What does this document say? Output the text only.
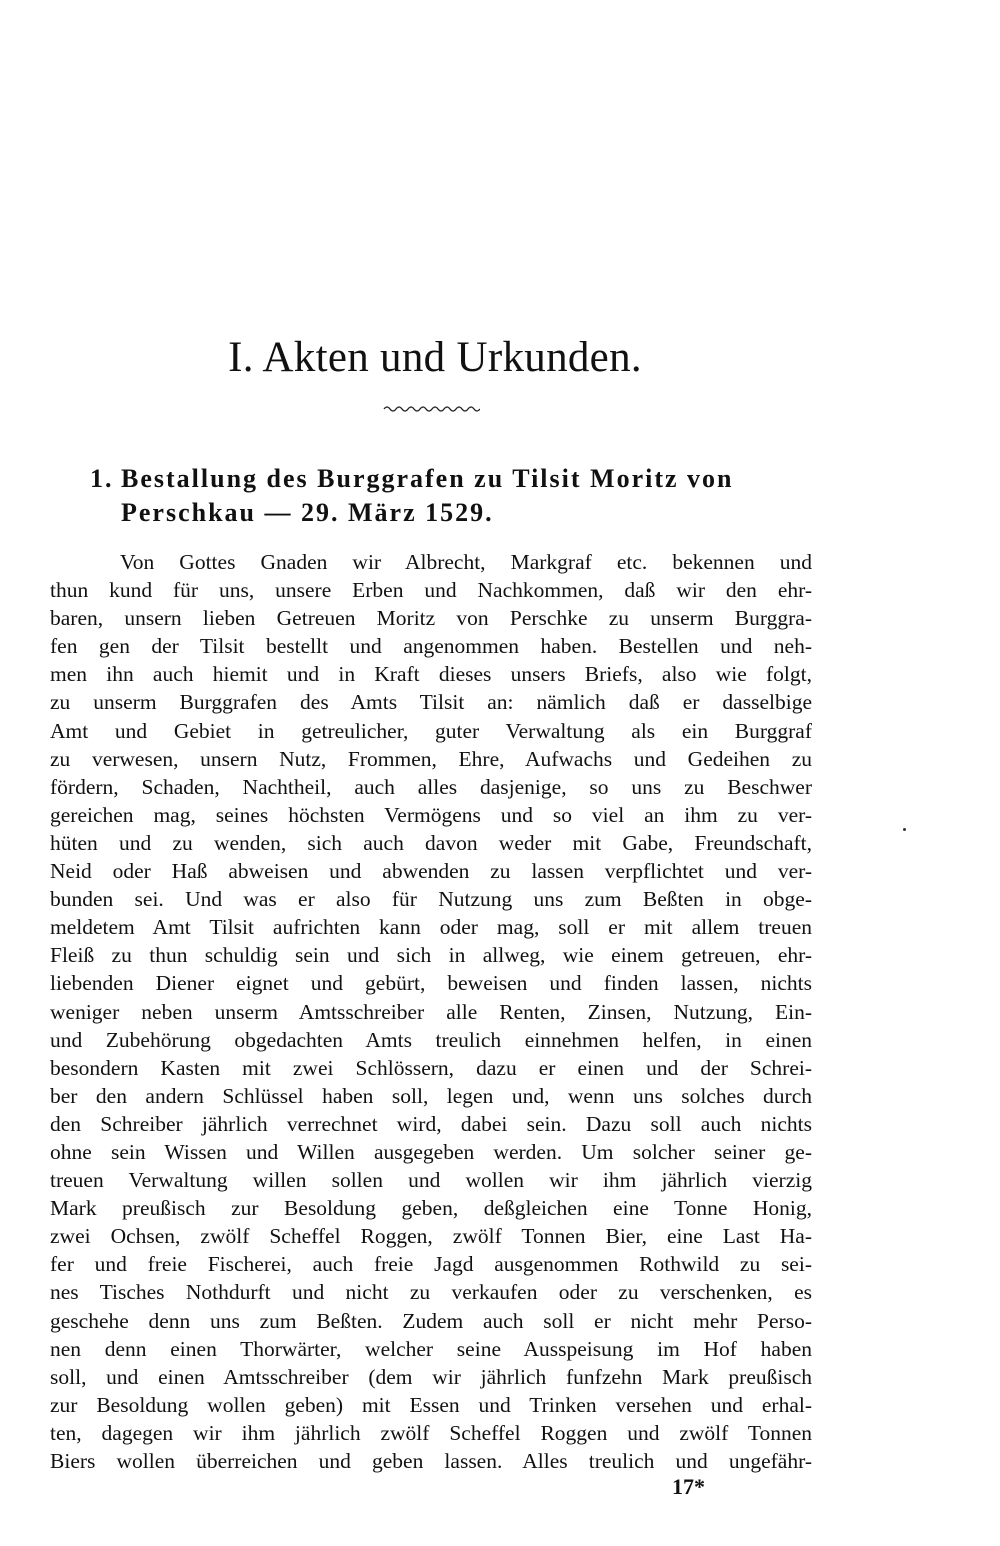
I. Akten und Urkunden.
1. Bestallung des Burggrafen zu Tilsit Moritz von
Perschkau — 29. März 1529.
Von Gottes Gnaden wir Albrecht, Markgraf etc. bekennen und
thun kund für uns, unsere Erben und Nachkommen, daß wir den ehr-
baren, unsern lieben Getreuen Moritz von Perschke zu unserm Burggra-
fen gen der Tilsit bestellt und angenommen haben. Bestellen und neh-
men ihn auch hiemit und in Kraft dieses unsers Briefs, also wie folgt,
zu unserm Burggrafen des Amts Tilsit an: nämlich daß er dasselbige
Amt und Gebiet in getreulicher, guter Verwaltung als ein Burggraf
zu verwesen, unsern Nutz, Frommen, Ehre, Aufwachs und Gedeihen zu
fördern, Schaden, Nachtheil, auch alles dasjenige, so uns zu Beschwer
gereichen mag, seines höchsten Vermögens und so viel an ihm zu ver-
hüten und zu wenden, sich auch davon weder mit Gabe, Freundschaft,
Neid oder Haß abweisen und abwenden zu lassen verpflichtet und ver-
bunden sei. Und was er also für Nutzung uns zum Beßten in obge-
meldetem Amt Tilsit aufrichten kann oder mag, soll er mit allem treuen
Fleiß zu thun schuldig sein und sich in allweg, wie einem getreuen, ehr-
liebenden Diener eignet und gebürt, beweisen und finden lassen, nichts
weniger neben unserm Amtsschreiber alle Renten, Zinsen, Nutzung, Ein-
und Zubehörung obgedachten Amts treulich einnehmen helfen, in einen
besondern Kasten mit zwei Schlössern, dazu er einen und der Schrei-
ber den andern Schlüssel haben soll, legen und, wenn uns solches durch
den Schreiber jährlich verrechnet wird, dabei sein. Dazu soll auch nichts
ohne sein Wissen und Willen ausgegeben werden. Um solcher seiner ge-
treuen Verwaltung willen sollen und wollen wir ihm jährlich vierzig
Mark preußisch zur Besoldung geben, deßgleichen eine Tonne Honig,
zwei Ochsen, zwölf Scheffel Roggen, zwölf Tonnen Bier, eine Last Ha-
fer und freie Fischerei, auch freie Jagd ausgenommen Rothwild zu sei-
nes Tisches Nothdurft und nicht zu verkaufen oder zu verschenken, es
geschehe denn uns zum Beßten. Zudem auch soll er nicht mehr Perso-
nen denn einen Thorwärter, welcher seine Ausspeisung im Hof haben
soll, und einen Amtsschreiber (dem wir jährlich funfzehn Mark preußisch
zur Besoldung wollen geben) mit Essen und Trinken versehen und erhal-
ten, dagegen wir ihm jährlich zwölf Scheffel Roggen und zwölf Tonnen
Biers wollen überreichen und geben lassen. Alles treulich und ungefähr-
17*
